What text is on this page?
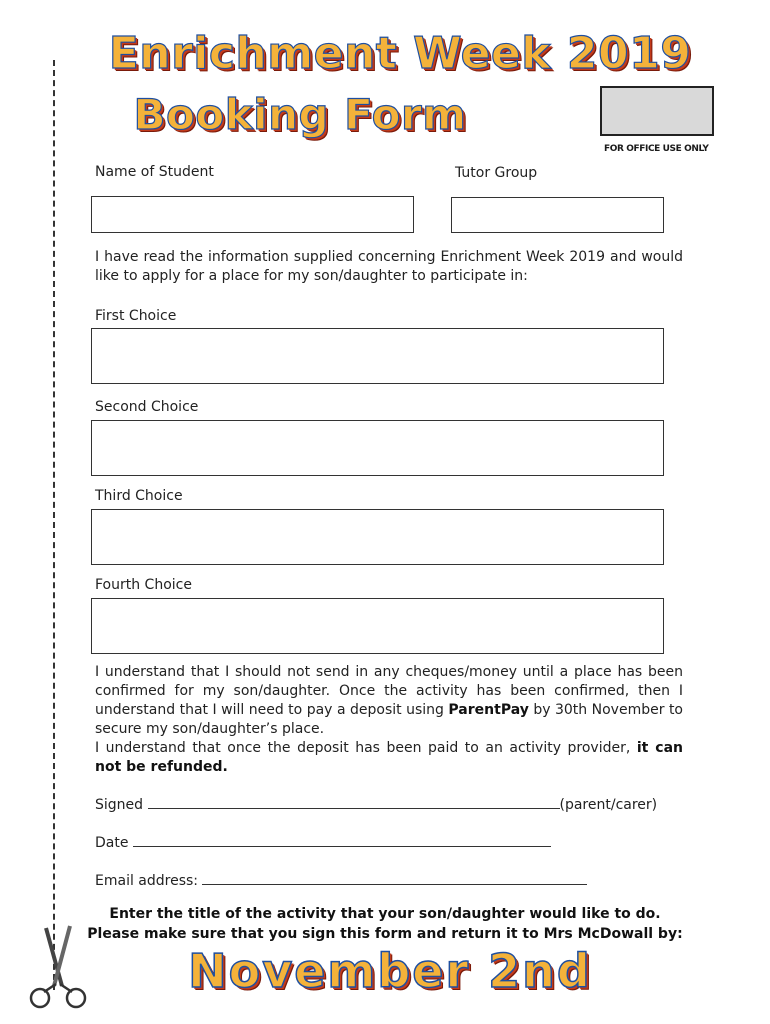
Enrichment Week 2019
Booking Form
FOR OFFICE USE ONLY
Name of Student	Tutor Group
I have read the information supplied concerning Enrichment Week 2019 and would like to apply for a place for my son/daughter to participate in:
First Choice
Second Choice
Third Choice
Fourth Choice
I understand that I should not send in any cheques/money until a place has been confirmed for my son/daughter. Once the activity has been confirmed, then I understand that I will need to pay a deposit using ParentPay by 30th November to secure my son/daughter’s place.
I understand that once the deposit has been paid to an activity provider, it can not be refunded.
Signed	(parent/carer)
Date
Email address:
Enter the title of the activity that your son/daughter would like to do.
Please make sure that you sign this form and return it to Mrs McDowall by:
November 2nd
